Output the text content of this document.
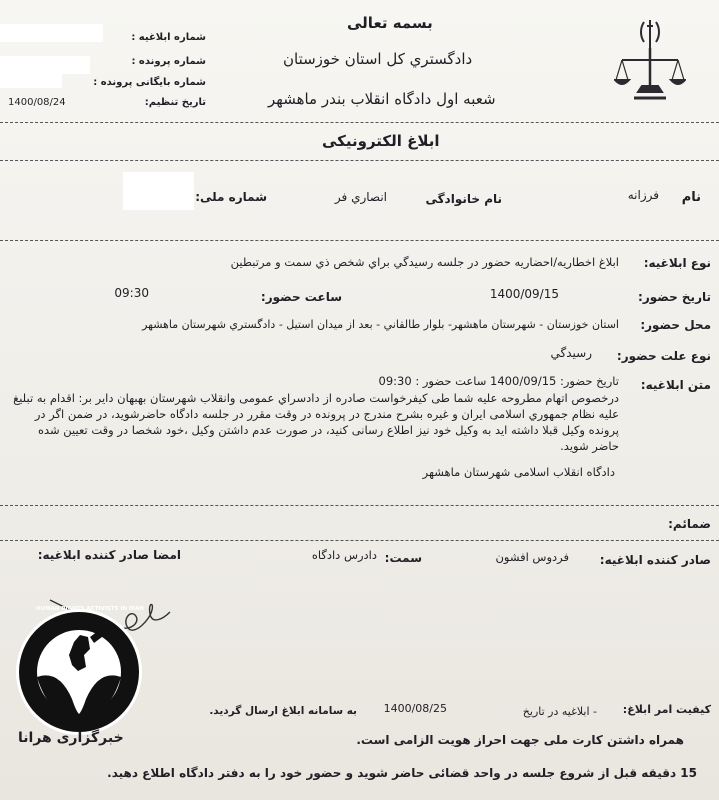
بسمه تعالی
دادگستري كل استان خوزستان
شعبه اول دادگاه انقلاب بندر ماهشهر
شماره ابلاغيه :
شماره پرونده :
شماره بايگانی پرونده :
تاريخ تنظيم:
1400/08/24
ابلاغ الكترونيكی
نام
فرزانه
نام خانوادگی
انصاري فر
شماره ملی:
نوع ابلاغيه:
ابلاغ اخطاريه/احضاريه حضور در جلسه رسيدگي براي شخص ذي سمت و مرتبطين
تاريخ حضور:
1400/09/15
ساعت حضور:
09:30
محل حضور:
استان خوزستان - شهرستان ماهشهر- بلوار طالقاني - بعد از ميدان استيل - دادگستري شهرستان ماهشهر
نوع علت حضور:
رسيدگي
متن ابلاغيه:
تاريخ حضور: 1400/09/15 ساعت حضور : 09:30
درخصوص اتهام مطروحه عليه شما طی كيفرخواست صادره از دادسراي عمومی وانقلاب شهرستان بهبهان داير بر: اقدام به تبليغ عليه نظام جمهوري اسلامی ايران و غيره بشرح مندرج در پرونده در وقت مقرر در جلسه دادگاه حاضرشويد، در ضمن اگر در پرونده وكيل قبلا داشته ايد به وكيل خود نيز اطلاع رسانی كنيد، در صورت عدم داشتن وكيل ،خود شخصا در وقت تعيين شده حاضر شويد.
دادگاه انقلاب اسلامی شهرستان ماهشهر
ضمائم:
صادر كننده ابلاغيه:
فردوس افشون
سمت:
دادرس دادگاه
امضا صادر كننده ابلاغيه:
HUMAN RIGHTS ACTIVISTS IN IRAN
خبرگزاری هرانا
كيفيت امر ابلاغ:
- ابلاغيه در تاريخ
1400/08/25
به سامانه ابلاغ ارسال گرديد.
همراه داشتن كارت ملی جهت احراز هويت الزامی است.
15 دقيقه قبل از شروع جلسه در واحد قضائی حاضر شويد و حضور خود را به دفتر دادگاه اطلاع دهيد.
